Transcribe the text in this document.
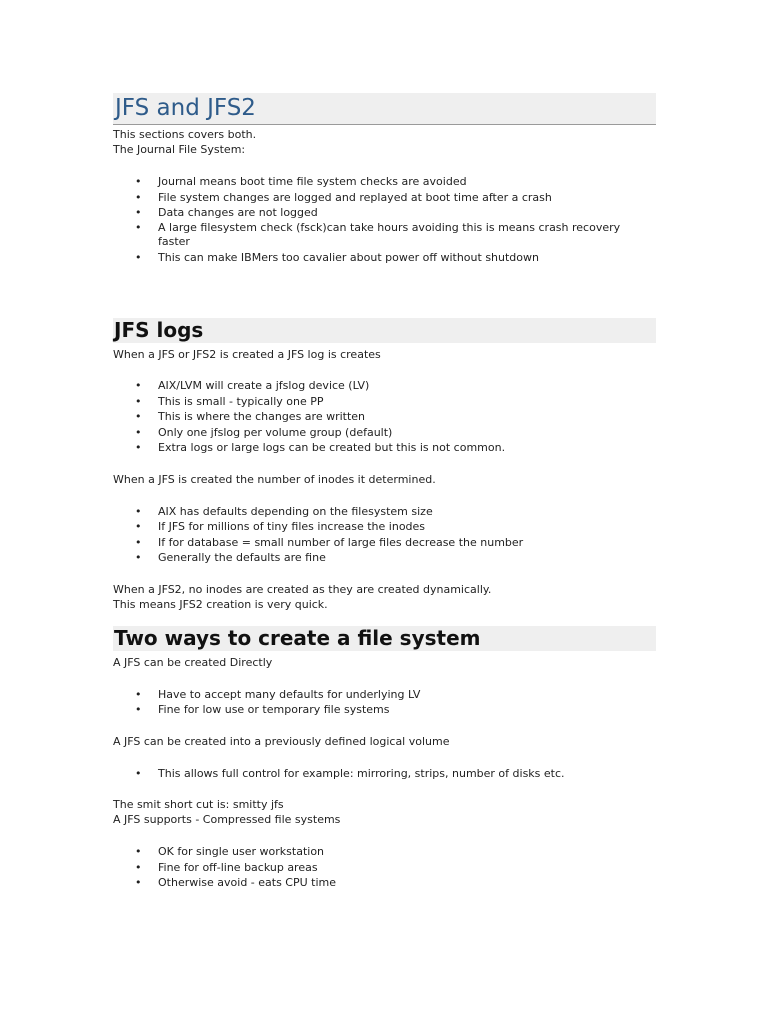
JFS and JFS2

This sections covers both.

The Journal File System:

• Journal means boot time file system checks are avoided
• File system changes are logged and replayed at boot time after a crash
• Data changes are not logged
• A large filesystem check (fsck)can take hours avoiding this is means crash recovery faster
• This can make IBMers too cavalier about power off without shutdown
JFS logs

When a JFS or JFS2 is created a JFS log is creates

• AIX/LVM will create a jfslog device (LV)
• This is small - typically one PP
• This is where the changes are written
• Only one jfslog per volume group (default)
• Extra logs or large logs can be created but this is not common.

When a JFS is created the number of inodes it determined.

• AIX has defaults depending on the filesystem size
• If JFS for millions of tiny files increase the inodes
• If for database = small number of large files decrease the number
• Generally the defaults are fine

When a JFS2, no inodes are created as they are created dynamically.

This means JFS2 creation is very quick.

Two ways to create a file system

A JFS can be created Directly

• Have to accept many defaults for underlying LV
• Fine for low use or temporary file systems

A JFS can be created into a previously defined logical volume

• This allows full control for example: mirroring, strips, number of disks etc.

The smit short cut is: smitty jfs

A JFS supports - Compressed file systems

• OK for single user workstation
• Fine for off-line backup areas
• Otherwise avoid - eats CPU time
